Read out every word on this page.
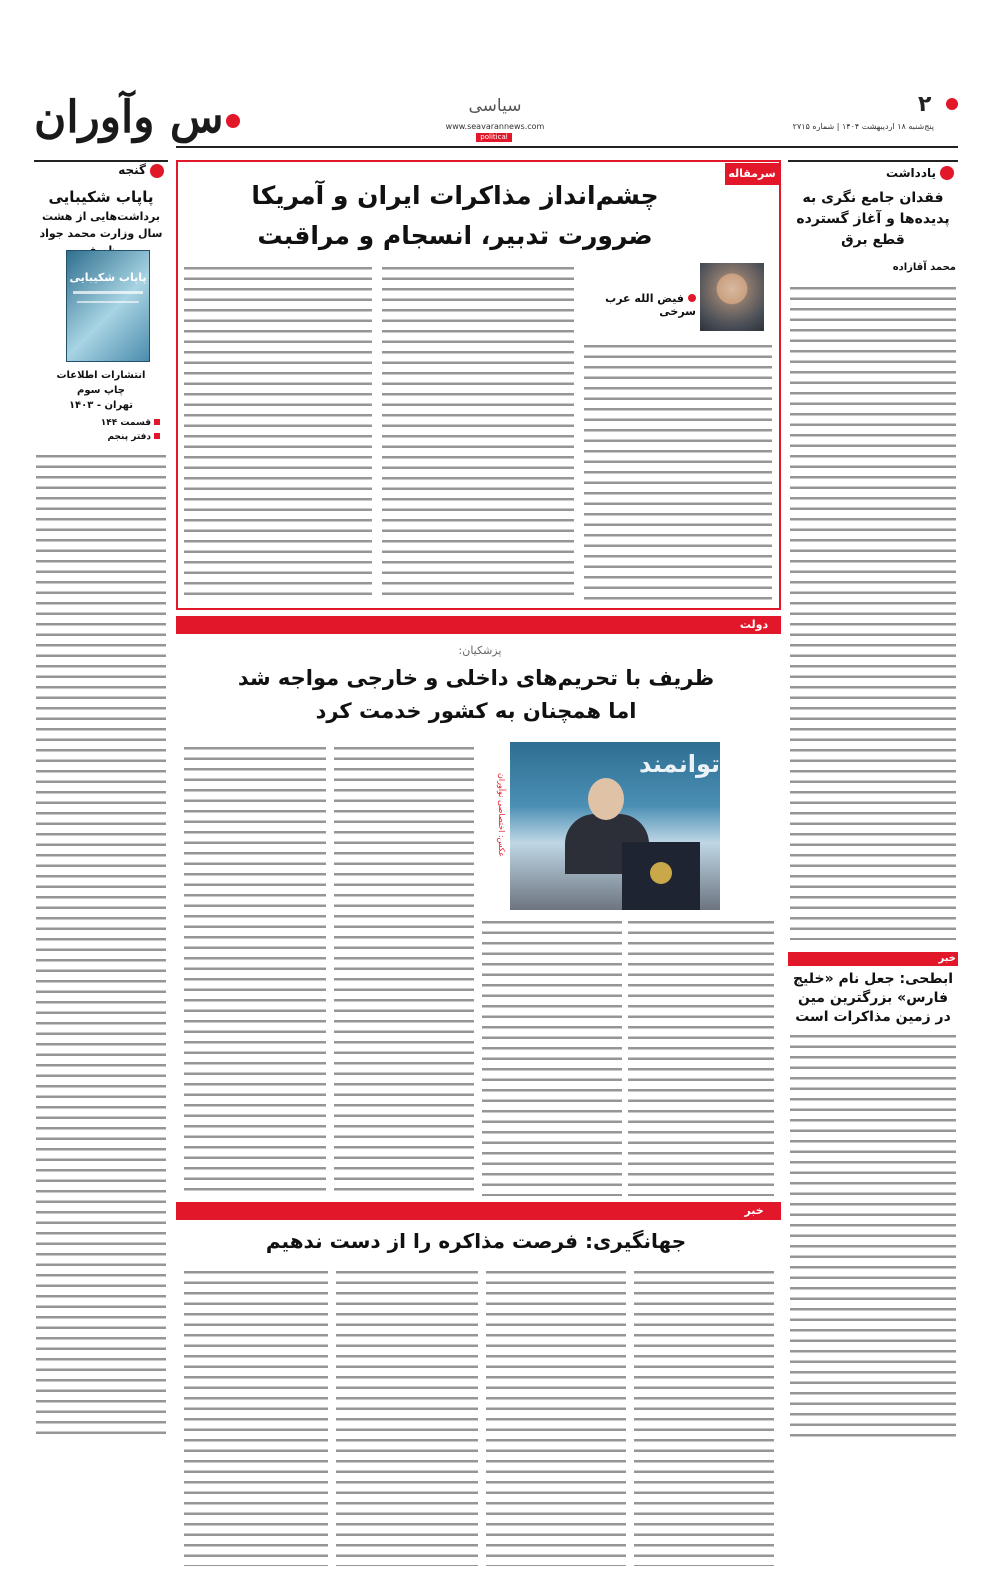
ﺱ وآوران	سیاسی
www.seavarannews.com
political
۲
پنج‌شنبه ۱۸ اردیبهشت ۱۴۰۴ | شماره ۲۷۱۵
یادداشت
فقدان جامع نگری به پدیده‌ها و آغاز گسترده قطع برق
محمد آقازاده
خبر
ابطحی: جعل نام «خلیج فارس» بزرگترین مین در زمین مذاکرات است
گنجه
پاپاب شکیبایی
برداشت‌هایی از هشت سال وزارت محمد جواد
پاپاب شکیبایی
انتشارات اطلاعات
چاپ سوم
تهران - ۱۴۰۳
قسمت ۱۴۴
دفتر پنجم
سرمقاله
چشم‌انداز مذاکرات ایران و آمریکا
ضرورت تدبیر، انسجام و مراقبت
فیض الله عرب سرخی
دولت
پزشکیان:
ظریف با تحریم‌های داخلی و خارجی مواجه شد
اما همچنان به کشور خدمت کرد
توانمند
عکس: اختصاصی نوآوران
خبر
جهانگیری: فرصت مذاکره را از دست ندهیم
